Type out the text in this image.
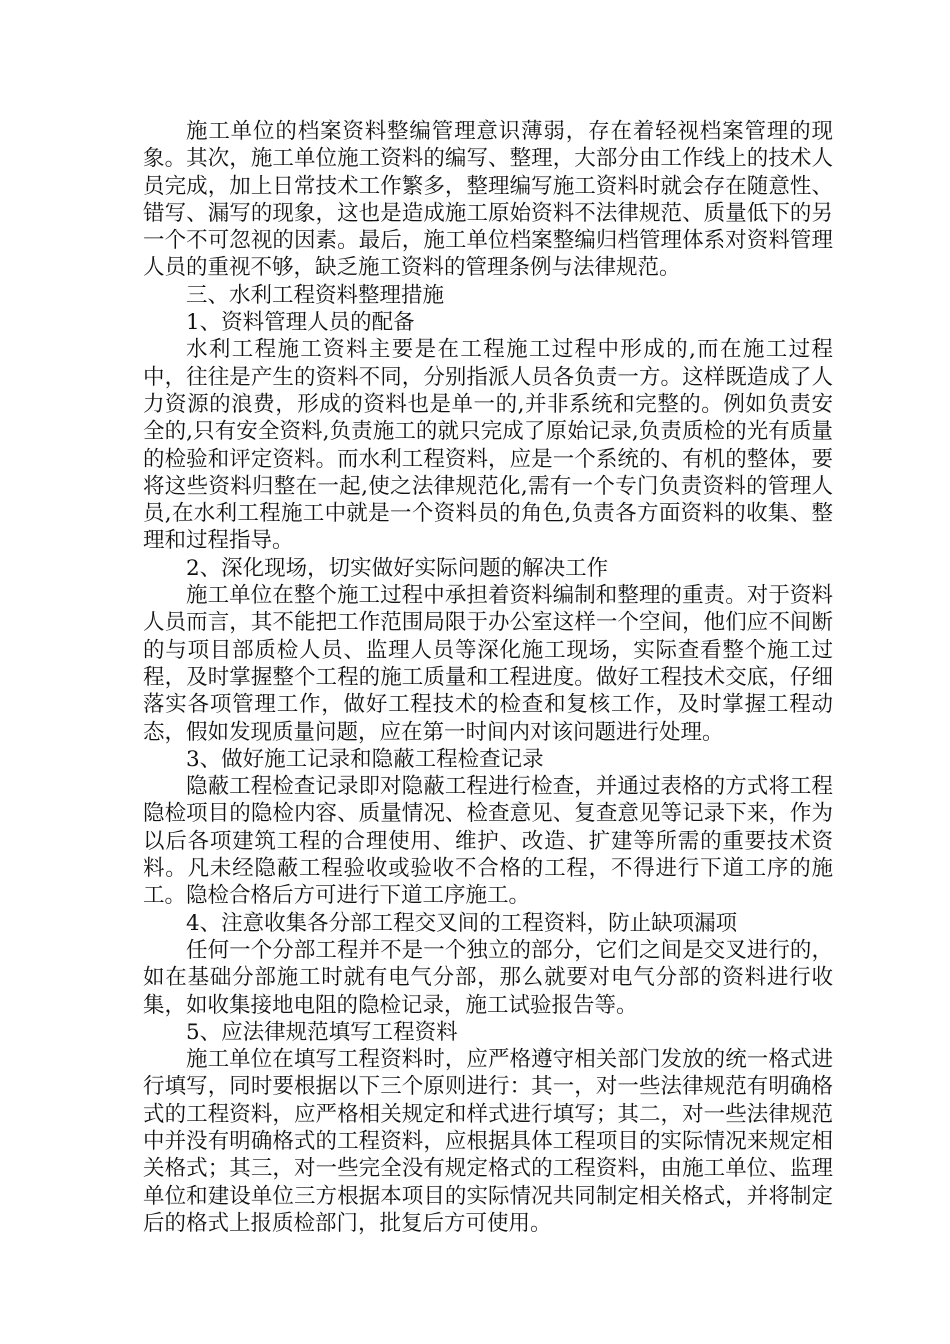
施工单位的档案资料整编管理意识薄弱，存在着轻视档案管理的现象。其次，施工单位施工资料的编写、整理，大部分由工作线上的技术人员完成，加上日常技术工作繁多，整理编写施工资料时就会存在随意性、错写、漏写的现象，这也是造成施工原始资料不法律规范、质量低下的另一个不可忽视的因素。最后，施工单位档案整编归档管理体系对资料管理人员的重视不够，缺乏施工资料的管理条例与法律规范。

三、水利工程资料整理措施

1、资料管理人员的配备

水利工程施工资料主要是在工程施工过程中形成的,而在施工过程中，往往是产生的资料不同，分别指派人员各负责一方。这样既造成了人力资源的浪费，形成的资料也是单一的,并非系统和完整的。例如负责安全的,只有安全资料,负责施工的就只完成了原始记录,负责质检的光有质量的检验和评定资料。而水利工程资料，应是一个系统的、有机的整体，要将这些资料归整在一起,使之法律规范化,需有一个专门负责资料的管理人员,在水利工程施工中就是一个资料员的角色,负责各方面资料的收集、整理和过程指导。

2、深化现场，切实做好实际问题的解决工作

施工单位在整个施工过程中承担着资料编制和整理的重责。对于资料人员而言，其不能把工作范围局限于办公室这样一个空间，他们应不间断的与项目部质检人员、监理人员等深化施工现场，实际查看整个施工过程，及时掌握整个工程的施工质量和工程进度。做好工程技术交底，仔细落实各项管理工作，做好工程技术的检查和复核工作，及时掌握工程动态，假如发现质量问题，应在第一时间内对该问题进行处理。

3、做好施工记录和隐蔽工程检查记录

隐蔽工程检查记录即对隐蔽工程进行检查，并通过表格的方式将工程隐检项目的隐检内容、质量情况、检查意见、复查意见等记录下来，作为以后各项建筑工程的合理使用、维护、改造、扩建等所需的重要技术资料。凡未经隐蔽工程验收或验收不合格的工程，不得进行下道工序的施工。隐检合格后方可进行下道工序施工。

4、注意收集各分部工程交叉间的工程资料，防止缺项漏项

任何一个分部工程并不是一个独立的部分，它们之间是交叉进行的，如在基础分部施工时就有电气分部，那么就要对电气分部的资料进行收集，如收集接地电阻的隐检记录，施工试验报告等。

5、应法律规范填写工程资料

施工单位在填写工程资料时，应严格遵守相关部门发放的统一格式进行填写，同时要根据以下三个原则进行：其一，对一些法律规范有明确格式的工程资料，应严格相关规定和样式进行填写；其二，对一些法律规范中并没有明确格式的工程资料，应根据具体工程项目的实际情况来规定相关格式；其三，对一些完全没有规定格式的工程资料，由施工单位、监理单位和建设单位三方根据本项目的实际情况共同制定相关格式，并将制定后的格式上报质检部门，批复后方可使用。
